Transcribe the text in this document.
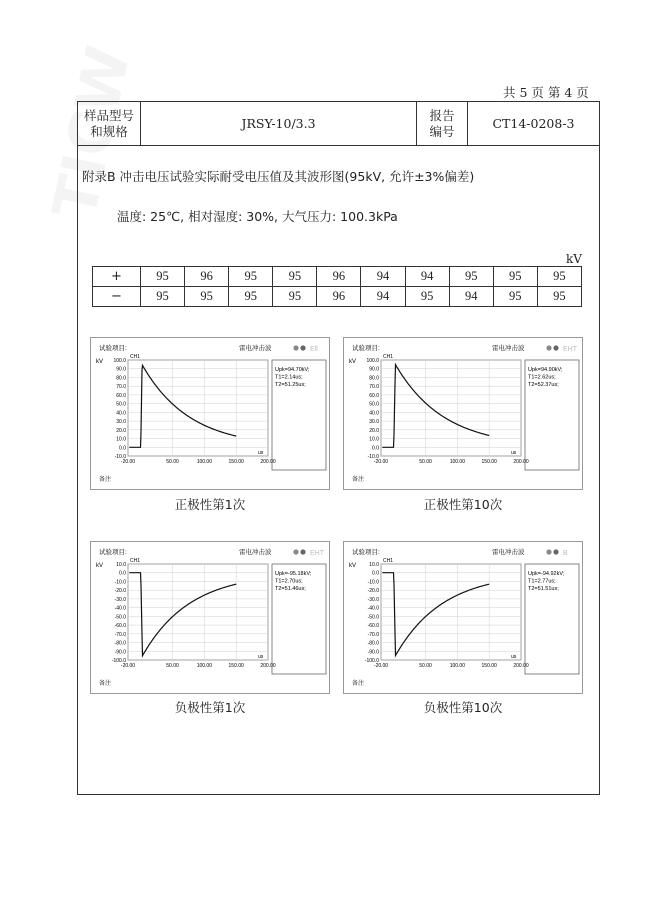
共 5 页 第 4 页
样品型号
和规格
	JRSY-10/3.3	
报告
编号
	CT14-0208-3
附录B 冲击电压试验实际耐受电压值及其波形图(95kV, 允许±3%偏差)
温度: 25℃, 相对湿度: 30%, 大气压力: 100.3kPa
kV
+	95	96	95	95	96	94	94	95	95	95
−	95	95	95	95	96	94	95	94	95	95
试验项目:	雷电冲击波	Ell
100.0
90.0
80.0
70.0
60.0
50.0
40.0
30.0
20.0
10.0
0.0
-10.0
-20.00	50.00	100.00	150.00	200.00
kV
us
CH1
Upk=94.70kV;
T1=2.14us;
T2=51.25us;
备注
正极性第1次
试验项目:	雷电冲击波	EHT
100.0
90.0
80.0
70.0
60.0
50.0
40.0
30.0
20.0
10.0
0.0
-10.0
-20.00	50.00	100.00	150.00	200.00
kV
us
CH1
Upk=94.90kV;
T1=2.62us;
T2=52.37us;
备注
正极性第10次
试验项目:	雷电冲击波	EHT
10.0
0.0
-10.0
-20.0
-30.0
-40.0
-50.0
-60.0
-70.0
-80.0
-90.0
-100.0
-20.00	50.00	100.00	150.00	200.00
kV
us
CH1
Upk=-95.18kV;
T1=2.70us;
T2=51.46us;
备注
负极性第1次
试验项目:	雷电冲击波	B
10.0
0.0
-10.0
-20.0
-30.0
-40.0
-50.0
-60.0
-70.0
-80.0
-90.0
-100.0
-20.00	50.00	100.00	150.00	200.00
kV
us
CH1
Upk=-94.92kV;
T1=2.77us;
T2=51.51us;
备注
负极性第10次
